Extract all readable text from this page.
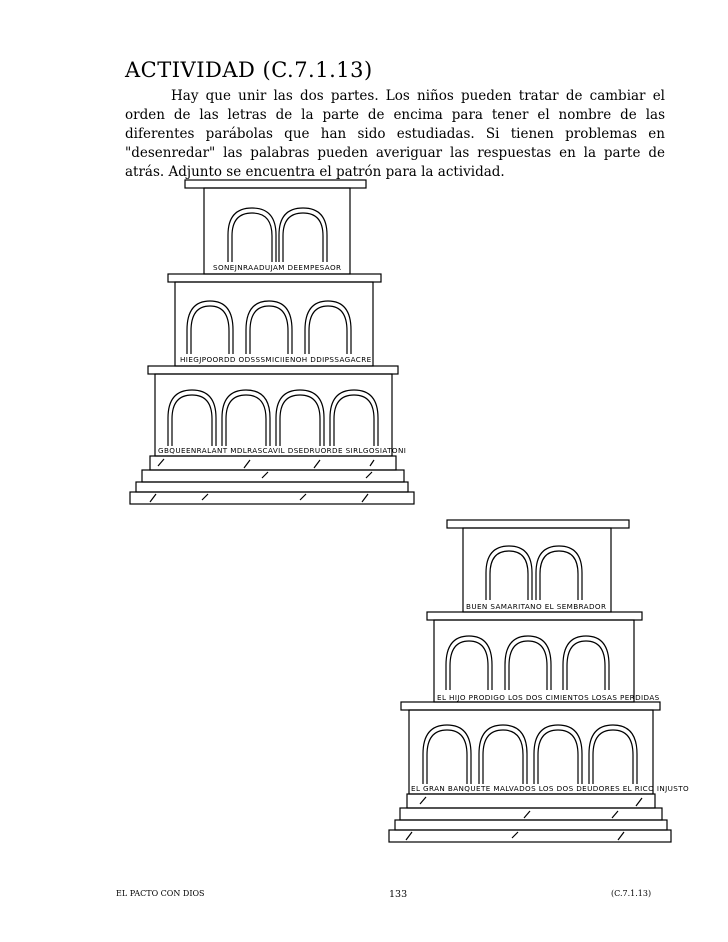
ACTIVIDAD (C.7.1.13)

Hay que unir las dos partes. Los niños pueden tratar de cambiar el orden de las letras de la parte de encima para tener el nombre de las diferentes parábolas que han sido estudiadas. Si tienen problemas en "desenredar" las palabras pueden averiguar las respuestas en la parte de atrás. Adjunto se encuentra el patrón para la actividad.

SONEJNRAADUJAM DEEMPESAOR
HIEGJPOORDD ODSSSMICIIENOH DDIPSSAGACRE
GBQUEENRALANT MDLRASCAVIL DSEDRUORDE SIRLGOSIATONI
BUEN SAMARITANO EL SEMBRADOR
EL HIJO PRODIGO LOS DOS CIMIENTOS LOSAS PERDIDAS
EL GRAN BANQUETE MALVADOS LOS DOS DEUDORES EL RICO INJUSTO
EL PACTO CON DIOS	133	(C.7.1.13)
